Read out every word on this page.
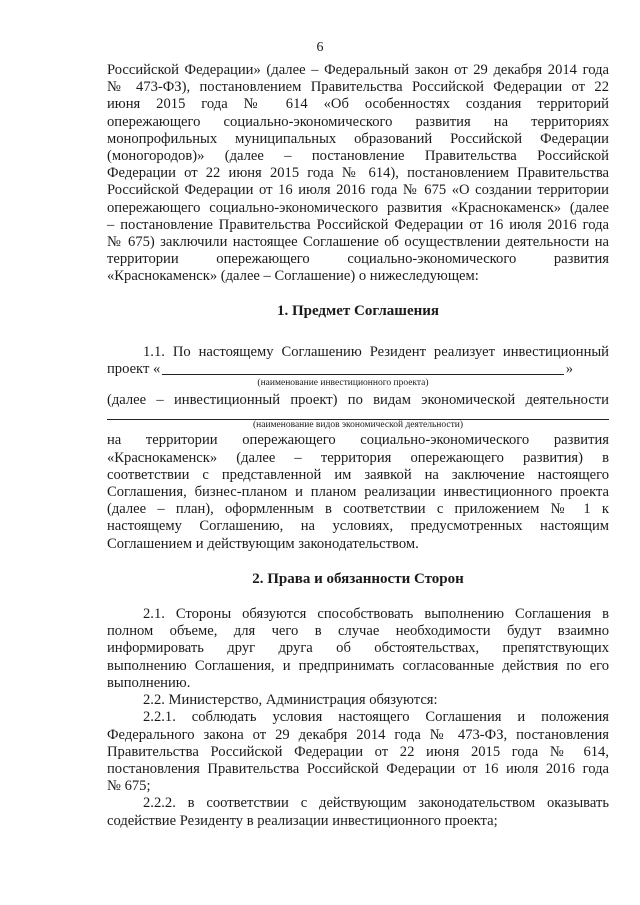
6

Российской Федерации» (далее – Федеральный закон от 29 декабря 2014 года

№ 473-ФЗ), постановлением Правительства Российской Федерации от 22

июня 2015 года № 614 «Об особенностях создания территорий

опережающего социально-экономического развития на территориях

монопрофильных муниципальных образований Российской Федерации

(моногородов)» (далее – постановление Правительства Российской

Федерации от 22 июня 2015 года № 614), постановлением Правительства

Российской Федерации от 16 июля 2016 года № 675 «О создании территории

опережающего социально-экономического развития «Краснокаменск» (далее

– постановление Правительства Российской Федерации от 16 июля 2016 года

№ 675) заключили настоящее Соглашение об осуществлении деятельности на

территории опережающего социально-экономического развития

«Краснокаменск» (далее – Соглашение) о нижеследующем:

1. Предмет Соглашения

1.1. По настоящему Соглашению Резидент реализует инвестиционный

проект «	»

(наименование инвестиционного проекта)

(далее – инвестиционный проект) по видам экономической деятельности

(наименование видов экономической деятельности)

на территории опережающего социально-экономического развития

«Краснокаменск» (далее – территория опережающего развития) в

соответствии с представленной им заявкой на заключение настоящего

Соглашения, бизнес-планом и планом реализации инвестиционного проекта

(далее – план), оформленным в соответствии с приложением № 1 к

настоящему Соглашению, на условиях, предусмотренных настоящим

Соглашением и действующим законодательством.

2. Права и обязанности Сторон

2.1. Стороны обязуются способствовать выполнению Соглашения в

полном объеме, для чего в случае необходимости будут взаимно

информировать друг друга об обстоятельствах, препятствующих

выполнению Соглашения, и предпринимать согласованные действия по его

выполнению.

2.2. Министерство, Администрация обязуются:

2.2.1. соблюдать условия настоящего Соглашения и положения

Федерального закона от 29 декабря 2014 года № 473-ФЗ, постановления

Правительства Российской Федерации от 22 июня 2015 года № 614,

постановления Правительства Российской Федерации от 16 июля 2016 года

№ 675;

2.2.2. в соответствии с действующим законодательством оказывать

содействие Резиденту в реализации инвестиционного проекта;
